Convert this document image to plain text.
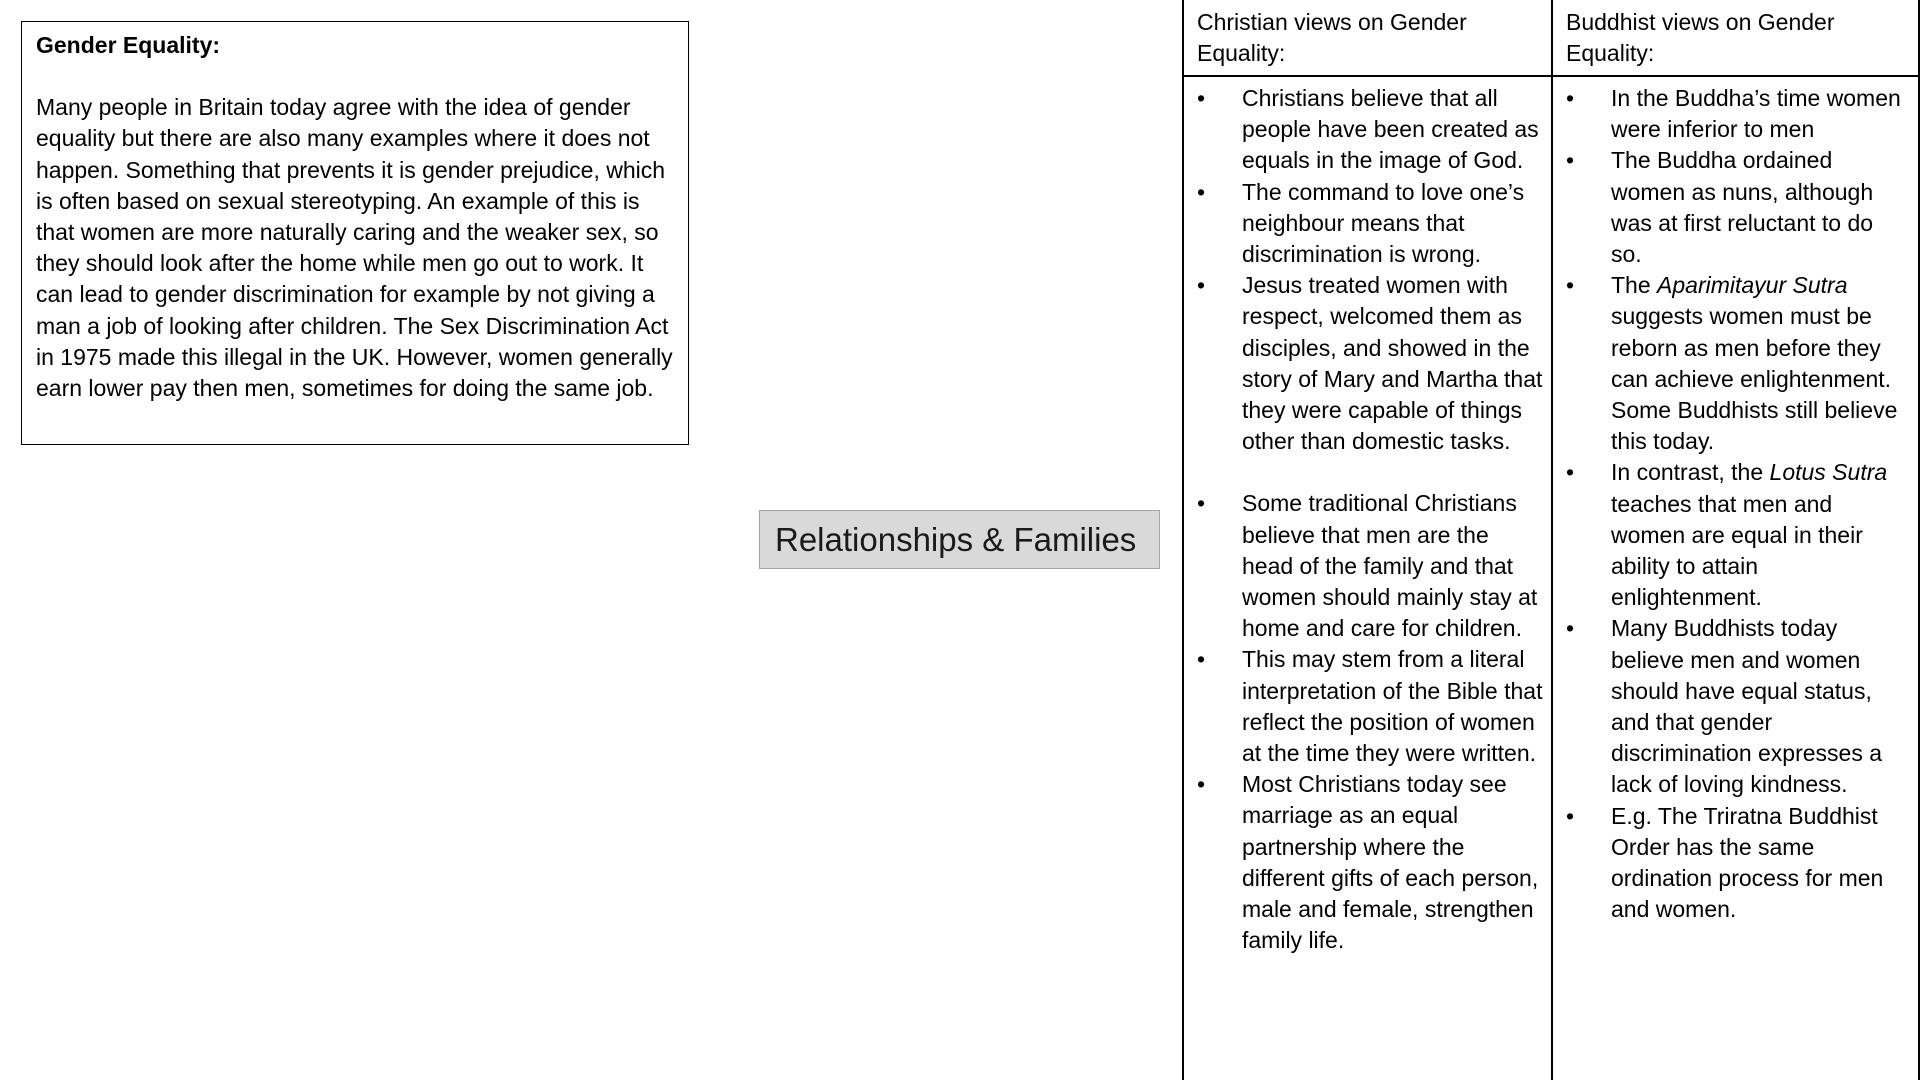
Gender Equality:

Many people in Britain today agree with the idea of gender equality but there are also many examples where it does not happen. Something that prevents it is gender prejudice, which is often based on sexual stereotyping. An example of this is that women are more naturally caring and the weaker sex, so they should look after the home while men go out to work. It can lead to gender discrimination for example by not giving a man a job of looking after children. The Sex Discrimination Act in 1975 made this illegal in the UK. However, women generally earn lower pay then men, sometimes for doing the same job.

Relationships & Families
Christian views on Gender Equality:
•	Christians believe that all people have been created as equals in the image of God.
•	The command to love one’s neighbour means that discrimination is wrong.
•	Jesus treated women with respect, welcomed them as disciples, and showed in the story of Mary and Martha that they were capable of things other than domestic tasks.
•	Some traditional Christians believe that men are the head of the family and that women should mainly stay at home and care for children.
•	This may stem from a literal interpretation of the Bible that reflect the position of women at the time they were written.
•	Most Christians today see marriage as an equal partnership where the different gifts of each person, male and female, strengthen family life.
Buddhist views on Gender Equality:
•	In the Buddha’s time women were inferior to men
•	The Buddha ordained women as nuns, although was at first reluctant to do so.
•	The Aparimitayur Sutra suggests women must be reborn as men before they can achieve enlightenment. Some Buddhists still believe this today.
•	In contrast, the Lotus Sutra teaches that men and women are equal in their ability to attain enlightenment.
•	Many Buddhists today believe men and women should have equal status, and that gender discrimination expresses a lack of loving kindness.
•	E.g. The Triratna Buddhist Order has the same ordination process for men and women.
